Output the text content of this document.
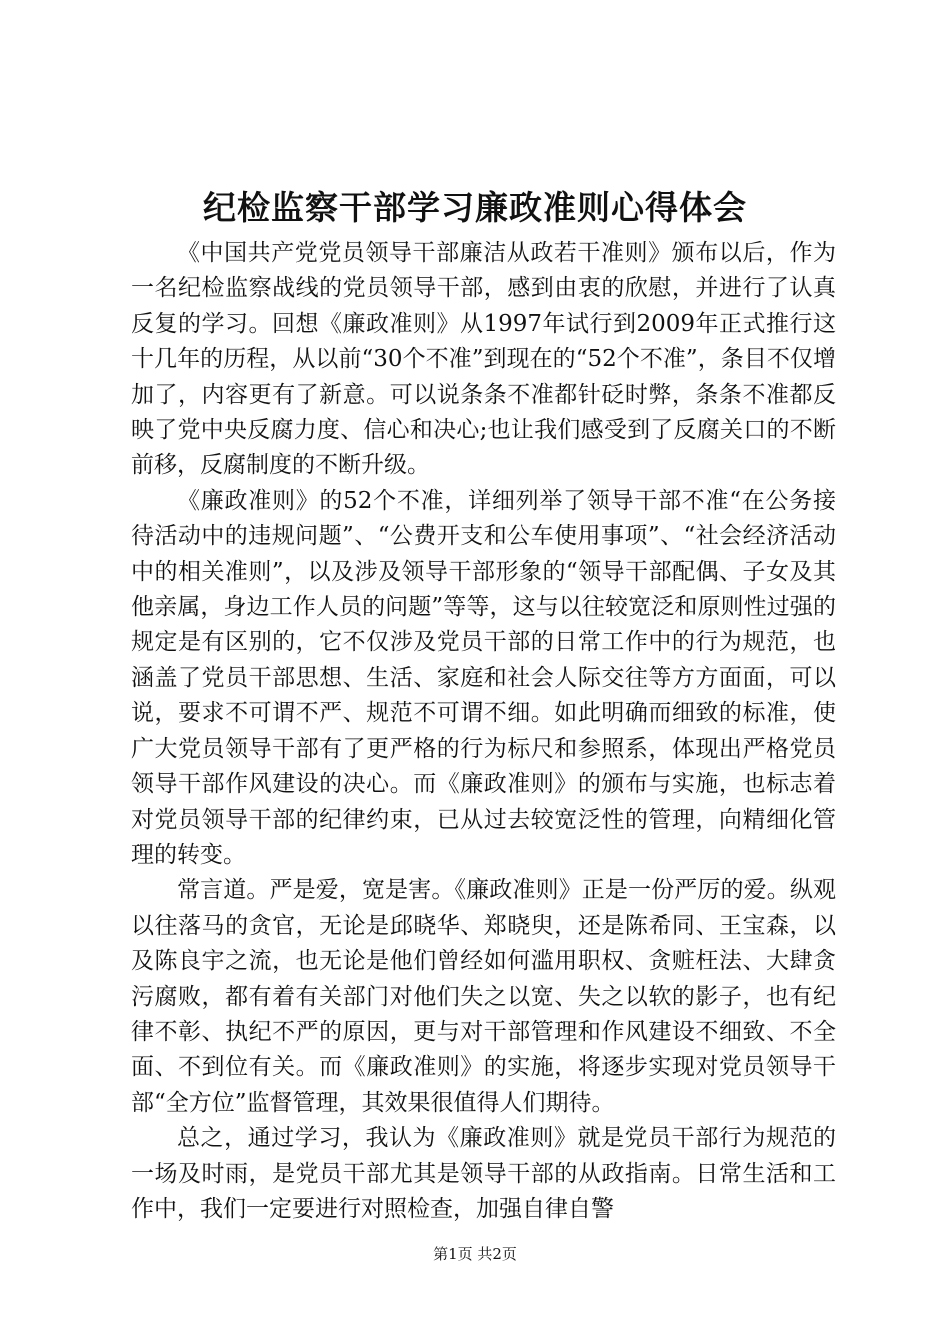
纪检监察干部学习廉政准则心得体会

《中国共产党党员领导干部廉洁从政若干准则》颁布以后，作为一名纪检监察战线的党员领导干部，感到由衷的欣慰，并进行了认真反复的学习。回想《廉政准则》从1997年试行到2009年正式推行这十几年的历程，从以前“30个不准”到现在的“52个不准”，条目不仅增加了，内容更有了新意。可以说条条不准都针砭时弊，条条不准都反映了党中央反腐力度、信心和决心;也让我们感受到了反腐关口的不断前移，反腐制度的不断升级。

《廉政准则》的52个不准，详细列举了领导干部不准“在公务接待活动中的违规问题”、“公费开支和公车使用事项”、“社会经济活动中的相关准则”，以及涉及领导干部形象的“领导干部配偶、子女及其他亲属，身边工作人员的问题”等等，这与以往较宽泛和原则性过强的规定是有区别的，它不仅涉及党员干部的日常工作中的行为规范，也涵盖了党员干部思想、生活、家庭和社会人际交往等方方面面，可以说，要求不可谓不严、规范不可谓不细。如此明确而细致的标准，使广大党员领导干部有了更严格的行为标尺和参照系，体现出严格党员领导干部作风建设的决心。而《廉政准则》的颁布与实施，也标志着对党员领导干部的纪律约束，已从过去较宽泛性的管理，向精细化管理的转变。

常言道。严是爱，宽是害。《廉政准则》正是一份严厉的爱。纵观以往落马的贪官，无论是邱晓华、郑晓臾，还是陈希同、王宝森，以及陈良宇之流，也无论是他们曾经如何滥用职权、贪赃枉法、大肆贪污腐败，都有着有关部门对他们失之以宽、失之以软的影子，也有纪律不彰、执纪不严的原因，更与对干部管理和作风建设不细致、不全面、不到位有关。而《廉政准则》的实施，将逐步实现对党员领导干部“全方位”监督管理，其效果很值得人们期待。

总之，通过学习，我认为《廉政准则》就是党员干部行为规范的一场及时雨，是党员干部尤其是领导干部的从政指南。日常生活和工作中，我们一定要进行对照检查，加强自律自警

第1页 共2页
